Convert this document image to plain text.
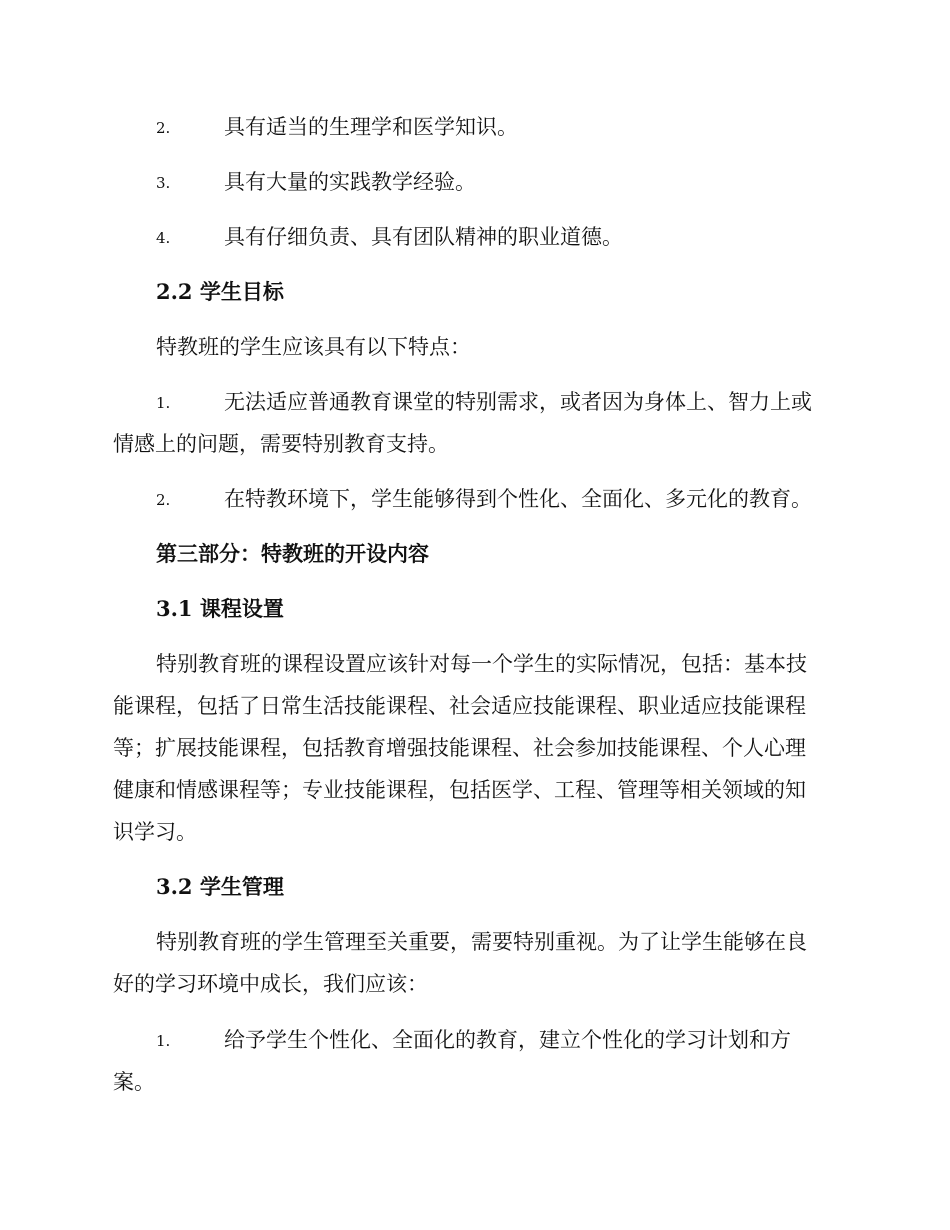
2.	具有适当的生理学和医学知识。
3.	具有大量的实践教学经验。
4.	具有仔细负责、具有团队精神的职业道德。
2.2 学生目标
特教班的学生应该具有以下特点：
1.	无法适应普通教育课堂的特别需求，或者因为身体上、智力上或
情感上的问题，需要特别教育支持。
2.	在特教环境下，学生能够得到个性化、全面化、多元化的教育。
第三部分：特教班的开设内容
3.1 课程设置
特别教育班的课程设置应该针对每一个学生的实际情况，包括：基本技
能课程，包括了日常生活技能课程、社会适应技能课程、职业适应技能课程
等；扩展技能课程，包括教育增强技能课程、社会参加技能课程、个人心理
健康和情感课程等；专业技能课程，包括医学、工程、管理等相关领域的知
识学习。
3.2 学生管理
特别教育班的学生管理至关重要，需要特别重视。为了让学生能够在良
好的学习环境中成长，我们应该：
1.	给予学生个性化、全面化的教育，建立个性化的学习计划和方
案。
